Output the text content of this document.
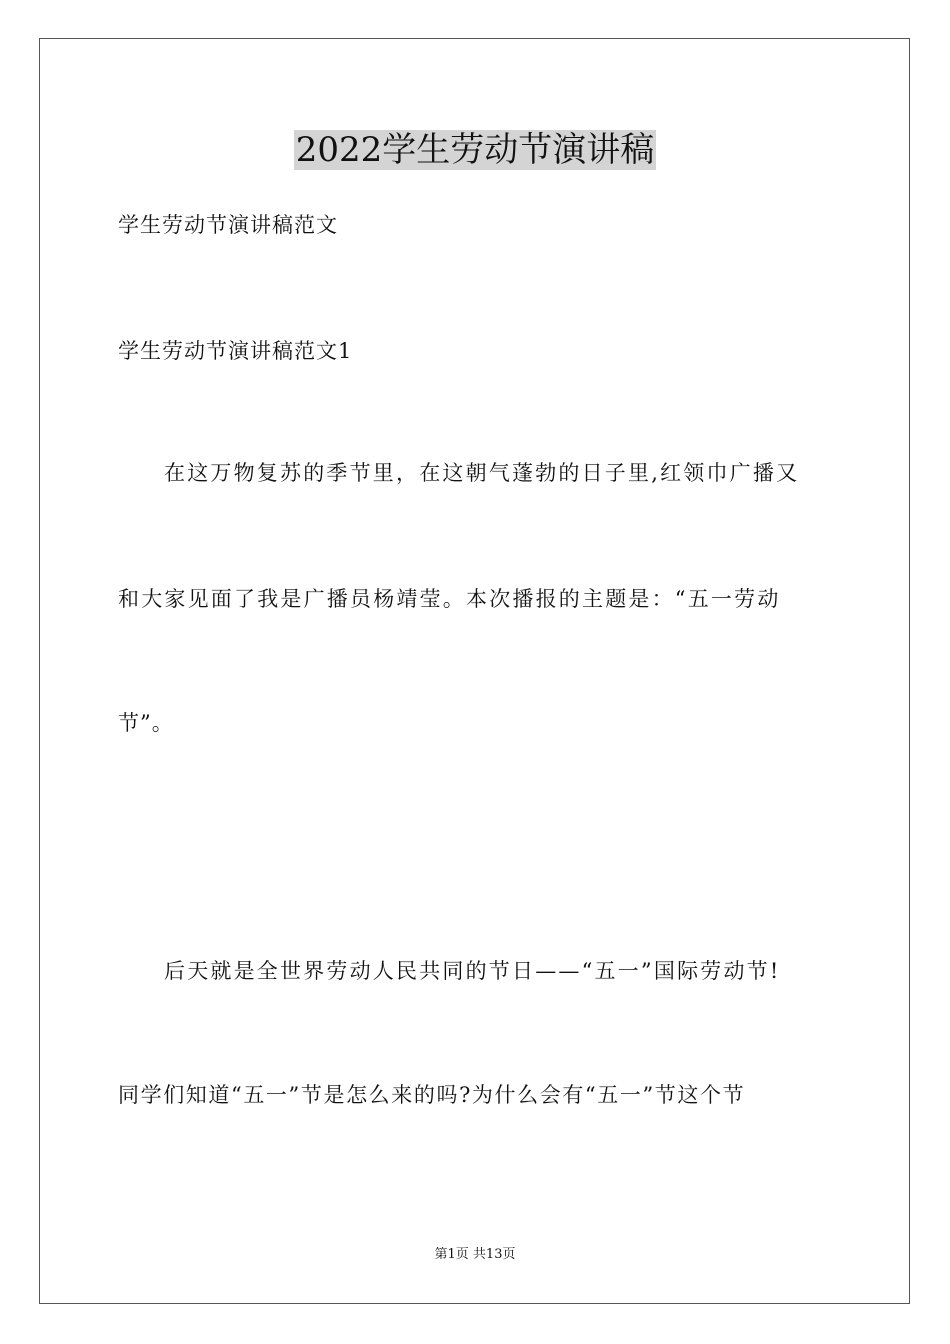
2022学生劳动节演讲稿
学生劳动节演讲稿范文
学生劳动节演讲稿范文1
在这万物复苏的季节里，在这朝气蓬勃的日子里,红领巾广播又
和大家见面了我是广播员杨靖莹。本次播报的主题是：“五一劳动
节”。
后天就是全世界劳动人民共同的节日——“五一”国际劳动节!
同学们知道“五一”节是怎么来的吗?为什么会有“五一”节这个节
第1页 共13页
